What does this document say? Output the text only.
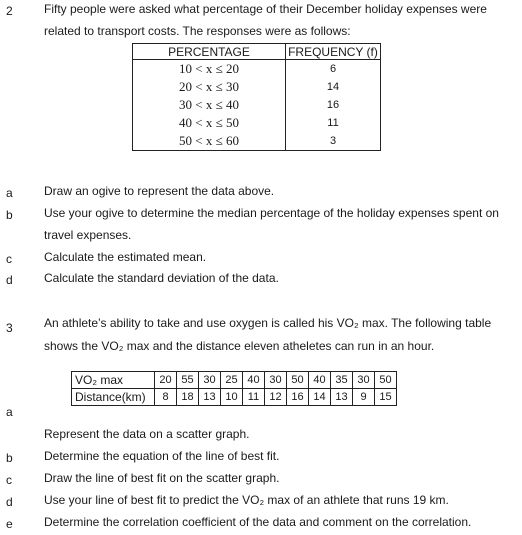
2	Fifty people were asked what percentage of their December holiday expenses were
related to transport costs. The responses were as follows:
PERCENTAGE	FREQUENCY (f)
10 < x ≤ 20	6
20 < x ≤ 30	14
30 < x ≤ 40	16
40 < x ≤ 50	11
50 < x ≤ 60	3
a	Draw an ogive to represent the data above.
b	Use your ogive to determine the median percentage of the holiday expenses spent on
travel expenses.
c	Calculate the estimated mean.
d	Calculate the standard deviation of the data.
3	An athlete’s ability to take and use oxygen is called his VO₂ max. The following table
shows the VO₂ max and the distance eleven atheletes can run in an hour.
VO₂ max	20	55	30	25	40	30	50	40	35	30	50
Distance(km)	8	18	13	10	11	12	16	14	13	9	15
a
Represent the data on a scatter graph.
b	Determine the equation of the line of best fit.
c	Draw the line of best fit on the scatter graph.
d	Use your line of best fit to predict the VO₂ max of an athlete that runs 19 km.
e	Determine the correlation coefficient of the data and comment on the correlation.
